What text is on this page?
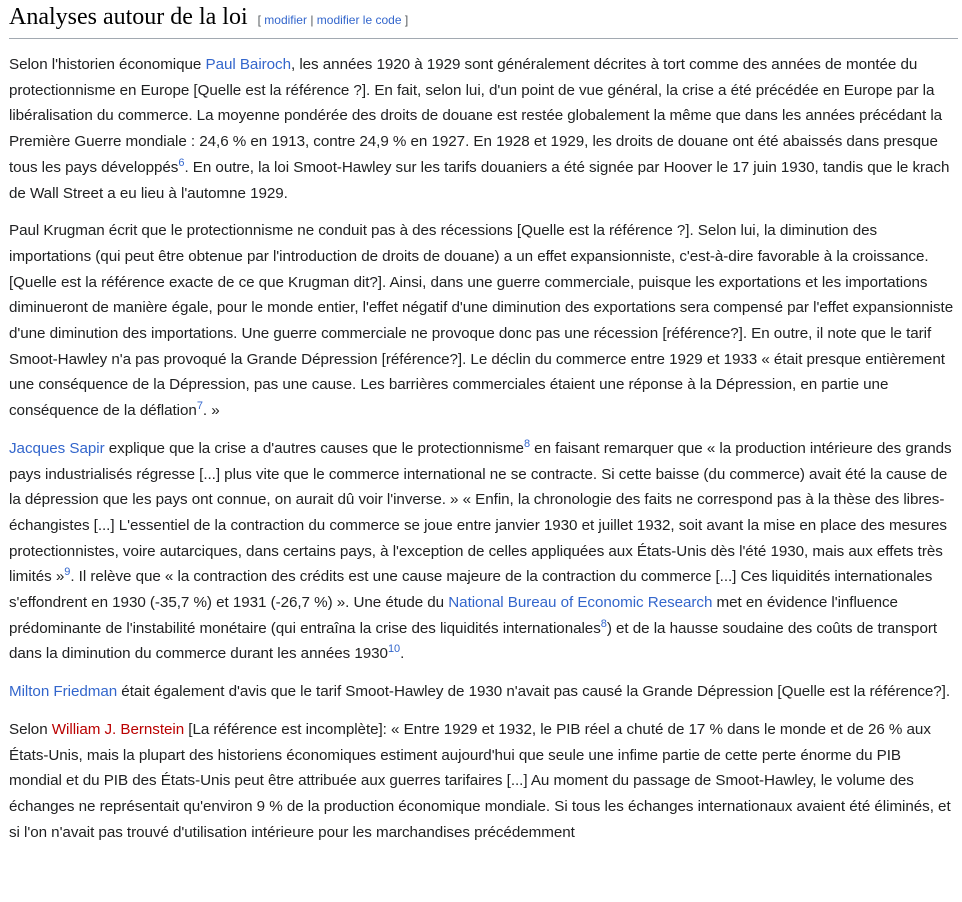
Analyses autour de la loi [ modifier | modifier le code ]

Selon l'historien économique Paul Bairoch, les années 1920 à 1929 sont généralement décrites à tort comme des années de montée du protectionnisme en Europe [Quelle est la référence ?]. En fait, selon lui, d'un point de vue général, la crise a été précédée en Europe par la libéralisation du commerce. La moyenne pondérée des droits de douane est restée globalement la même que dans les années précédant la Première Guerre mondiale : 24,6 % en 1913, contre 24,9 % en 1927. En 1928 et 1929, les droits de douane ont été abaissés dans presque tous les pays développés$^6$. En outre, la loi Smoot-Hawley sur les tarifs douaniers a été signée par Hoover le 17 juin 1930, tandis que le krach de Wall Street a eu lieu à l'automne 1929.

Paul Krugman écrit que le protectionnisme ne conduit pas à des récessions [Quelle est la référence ?]. Selon lui, la diminution des importations (qui peut être obtenue par l'introduction de droits de douane) a un effet expansionniste, c'est-à-dire favorable à la croissance. [Quelle est la référence exacte de ce que Krugman dit?]. Ainsi, dans une guerre commerciale, puisque les exportations et les importations diminueront de manière égale, pour le monde entier, l'effet négatif d'une diminution des exportations sera compensé par l'effet expansionniste d'une diminution des importations. Une guerre commerciale ne provoque donc pas une récession [référence?]. En outre, il note que le tarif Smoot-Hawley n'a pas provoqué la Grande Dépression [référence?]. Le déclin du commerce entre 1929 et 1933 « était presque entièrement une conséquence de la Dépression, pas une cause. Les barrières commerciales étaient une réponse à la Dépression, en partie une conséquence de la déflation$^7$. »

Jacques Sapir explique que la crise a d'autres causes que le protectionnisme$^8$ en faisant remarquer que « la production intérieure des grands pays industrialisés régresse [...] plus vite que le commerce international ne se contracte. Si cette baisse (du commerce) avait été la cause de la dépression que les pays ont connue, on aurait dû voir l'inverse. » « Enfin, la chronologie des faits ne correspond pas à la thèse des libres-échangistes [...] L'essentiel de la contraction du commerce se joue entre janvier 1930 et juillet 1932, soit avant la mise en place des mesures protectionnistes, voire autarciques, dans certains pays, à l'exception de celles appliquées aux États-Unis dès l'été 1930, mais aux effets très limités »$^9$. Il relève que « la contraction des crédits est une cause majeure de la contraction du commerce [...] Ces liquidités internationales s'effondrent en 1930 (-35,7 %) et 1931 (-26,7 %) ». Une étude du National Bureau of Economic Research met en évidence l'influence prédominante de l'instabilité monétaire (qui entraîna la crise des liquidités internationales$^8$) et de la hausse soudaine des coûts de transport dans la diminution du commerce durant les années 1930$^{10}$.

Milton Friedman était également d'avis que le tarif Smoot-Hawley de 1930 n'avait pas causé la Grande Dépression [Quelle est la référence?].

Selon William J. Bernstein [La référence est incomplète]: « Entre 1929 et 1932, le PIB réel a chuté de 17 % dans le monde et de 26 % aux États-Unis, mais la plupart des historiens économiques estiment aujourd'hui que seule une infime partie de cette perte énorme du PIB mondial et du PIB des États-Unis peut être attribuée aux guerres tarifaires [...] Au moment du passage de Smoot-Hawley, le volume des échanges ne représentait qu'environ 9 % de la production économique mondiale. Si tous les échanges internationaux avaient été éliminés, et si l'on n'avait pas trouvé d'utilisation intérieure pour les marchandises précédemment
